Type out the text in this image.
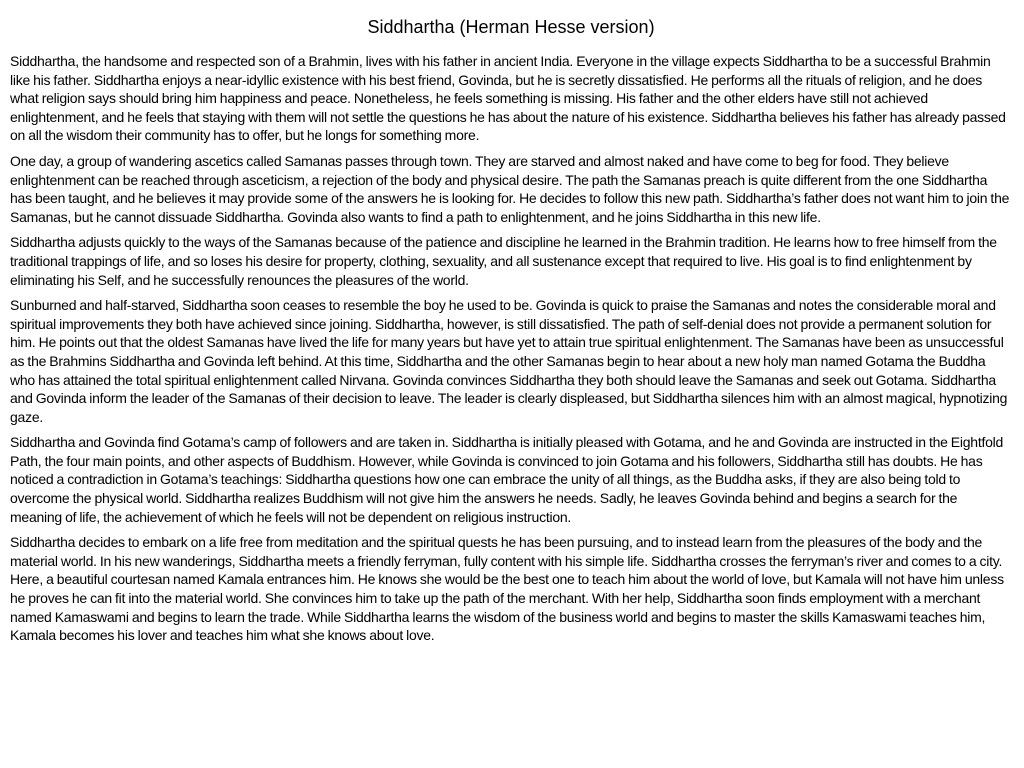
Siddhartha (Herman Hesse version)

Siddhartha, the handsome and respected son of a Brahmin, lives with his father in ancient India. Everyone in the village expects Siddhartha to be a successful Brahmin like his father. Siddhartha enjoys a near-idyllic existence with his best friend, Govinda, but he is secretly dissatisfied. He performs all the rituals of religion, and he does what religion says should bring him happiness and peace. Nonetheless, he feels something is missing. His father and the other elders have still not achieved enlightenment, and he feels that staying with them will not settle the questions he has about the nature of his existence. Siddhartha believes his father has already passed on all the wisdom their community has to offer, but he longs for something more.

One day, a group of wandering ascetics called Samanas passes through town. They are starved and almost naked and have come to beg for food. They believe enlightenment can be reached through asceticism, a rejection of the body and physical desire. The path the Samanas preach is quite different from the one Siddhartha has been taught, and he believes it may provide some of the answers he is looking for. He decides to follow this new path. Siddhartha’s father does not want him to join the Samanas, but he cannot dissuade Siddhartha. Govinda also wants to find a path to enlightenment, and he joins Siddhartha in this new life.

Siddhartha adjusts quickly to the ways of the Samanas because of the patience and discipline he learned in the Brahmin tradition. He learns how to free himself from the traditional trappings of life, and so loses his desire for property, clothing, sexuality, and all sustenance except that required to live. His goal is to find enlightenment by eliminating his Self, and he successfully renounces the pleasures of the world.

Sunburned and half-starved, Siddhartha soon ceases to resemble the boy he used to be. Govinda is quick to praise the Samanas and notes the considerable moral and spiritual improvements they both have achieved since joining. Siddhartha, however, is still dissatisfied. The path of self-denial does not provide a permanent solution for him. He points out that the oldest Samanas have lived the life for many years but have yet to attain true spiritual enlightenment. The Samanas have been as unsuccessful as the Brahmins Siddhartha and Govinda left behind. At this time, Siddhartha and the other Samanas begin to hear about a new holy man named Gotama the Buddha who has attained the total spiritual enlightenment called Nirvana. Govinda convinces Siddhartha they both should leave the Samanas and seek out Gotama. Siddhartha and Govinda inform the leader of the Samanas of their decision to leave. The leader is clearly displeased, but Siddhartha silences him with an almost magical, hypnotizing gaze.

Siddhartha and Govinda find Gotama’s camp of followers and are taken in. Siddhartha is initially pleased with Gotama, and he and Govinda are instructed in the Eightfold Path, the four main points, and other aspects of Buddhism. However, while Govinda is convinced to join Gotama and his followers, Siddhartha still has doubts. He has noticed a contradiction in Gotama’s teachings: Siddhartha questions how one can embrace the unity of all things, as the Buddha asks, if they are also being told to overcome the physical world. Siddhartha realizes Buddhism will not give him the answers he needs. Sadly, he leaves Govinda behind and begins a search for the meaning of life, the achievement of which he feels will not be dependent on religious instruction.

Siddhartha decides to embark on a life free from meditation and the spiritual quests he has been pursuing, and to instead learn from the pleasures of the body and the material world. In his new wanderings, Siddhartha meets a friendly ferryman, fully content with his simple life. Siddhartha crosses the ferryman’s river and comes to a city. Here, a beautiful courtesan named Kamala entrances him. He knows she would be the best one to teach him about the world of love, but Kamala will not have him unless he proves he can fit into the material world. She convinces him to take up the path of the merchant. With her help, Siddhartha soon finds employment with a merchant named Kamaswami and begins to learn the trade. While Siddhartha learns the wisdom of the business world and begins to master the skills Kamaswami teaches him, Kamala becomes his lover and teaches him what she knows about love.
